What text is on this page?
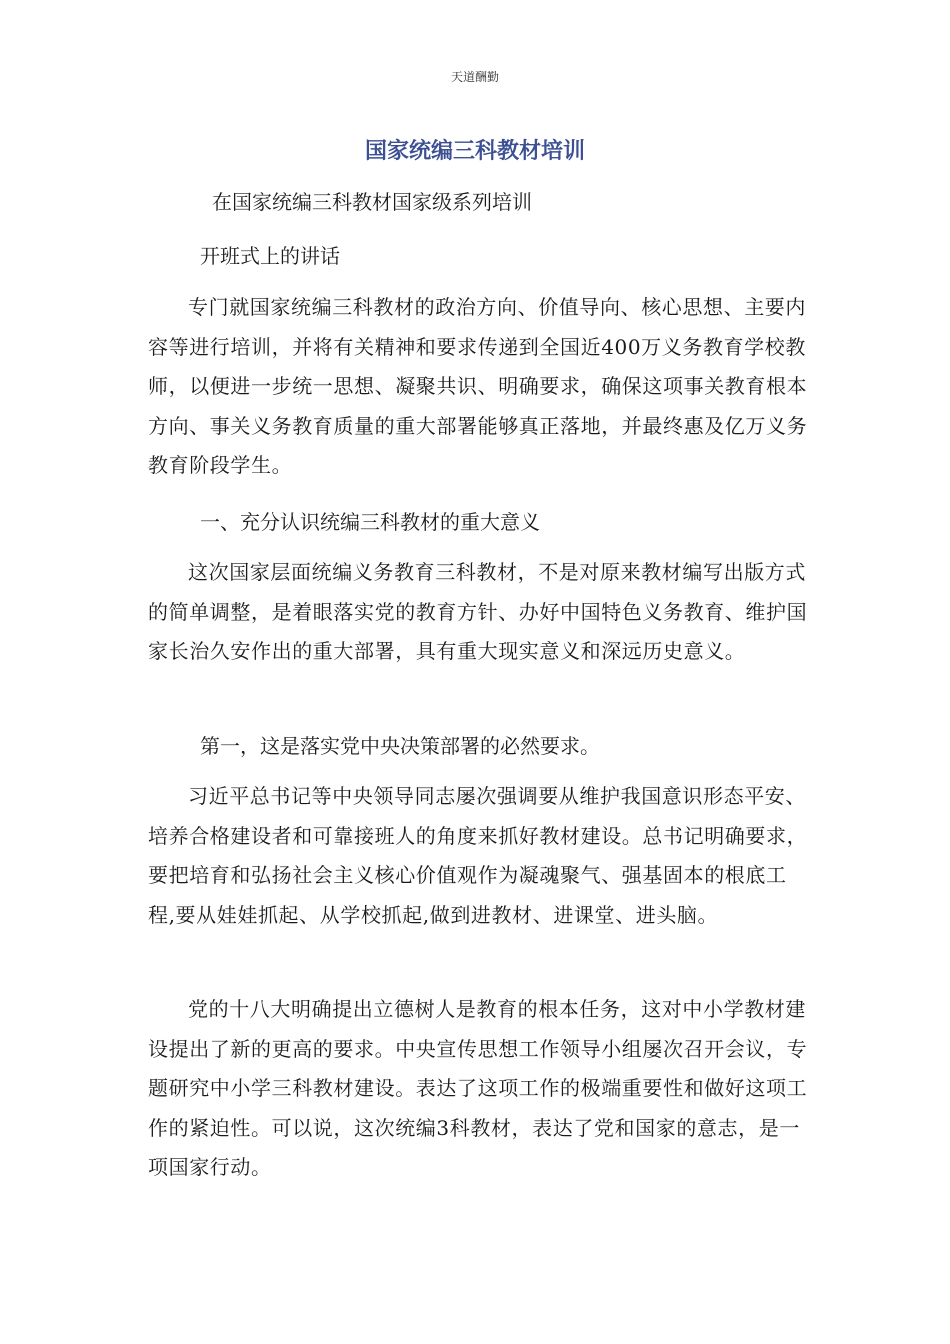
天道酬勤
国家统编三科教材培训
在国家统编三科教材国家级系列培训
开班式上的讲话

专门就国家统编三科教材的政治方向、价值导向、核心思想、主要内容等进行培训，并将有关精神和要求传递到全国近400万义务教育学校教师，以便进一步统一思想、凝聚共识、明确要求，确保这项事关教育根本方向、事关义务教育质量的重大部署能够真正落地，并最终惠及亿万义务教育阶段学生。

一、充分认识统编三科教材的重大意义

这次国家层面统编义务教育三科教材，不是对原来教材编写出版方式的简单调整，是着眼落实党的教育方针、办好中国特色义务教育、维护国家长治久安作出的重大部署，具有重大现实意义和深远历史意义。

第一，这是落实党中央决策部署的必然要求。

习近平总书记等中央领导同志屡次强调要从维护我国意识形态平安、培养合格建设者和可靠接班人的角度来抓好教材建设。总书记明确要求，要把培育和弘扬社会主义核心价值观作为凝魂聚气、强基固本的根底工程,要从娃娃抓起、从学校抓起,做到进教材、进课堂、进头脑。

党的十八大明确提出立德树人是教育的根本任务，这对中小学教材建设提出了新的更高的要求。中央宣传思想工作领导小组屡次召开会议，专题研究中小学三科教材建设。表达了这项工作的极端重要性和做好这项工作的紧迫性。可以说，这次统编3科教材，表达了党和国家的意志，是一项国家行动。
